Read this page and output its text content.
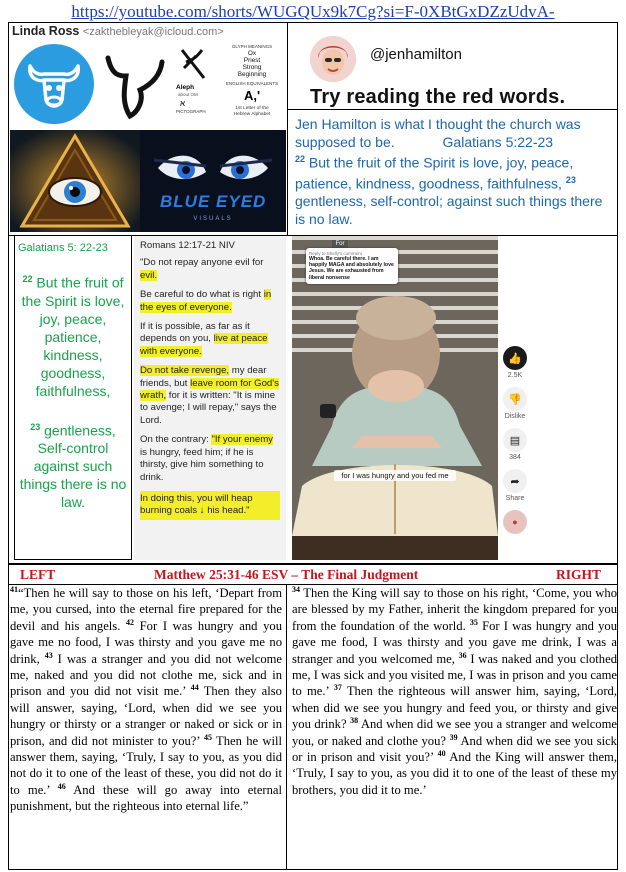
https://youtube.com/shorts/WUGQUx9k7Cg?si=F-0XBtGxDZzUdvA-
Linda Ross <zakthebleyak@icloud.com>
GLYPH MEANINGS
Ox
Priest
Strong
Beginning
Aleph
about OM
א
PICTOGRAPH
ENGLISH EQUIVALENTS
A,'
1st Letter of the Hebrew Alphabet
BLUE EYED
VISUALS
@jenhamilton
Try reading the red words.
Jen Hamilton is what I thought the church was supposed to be.	Galatians 5:22-23
$^{22}$ But the fruit of the Spirit is love, joy, peace, patience, kindness, goodness, faithfulness, $^{23}$ gentleness, self-control; against such things there is no law.
Galatians 5: 22-23
$^{22}$ But the fruit of the Spirit is love, joy, peace, patience, kindness, goodness, faithfulness,

$^{23}$ gentleness, Self-control against such things there is no law.

Romans 12:17-21 NIV

"Do not repay anyone evil for evil.

Be careful to do what is right in the eyes of everyone.

If it is possible, as far as it depends on you, live at peace with everyone.

Do not take revenge, my dear friends, but leave room for God's wrath, for it is written: "It is mine to avenge; I will repay," says the Lord.

On the contrary: "If your enemy is hungry, feed him; if he is thirsty, give him something to drink.

In doing this, you will heap burning coals ↓ his head."

For
Reply to Shelly's comment
Whoa. Be careful there. I am happily MAGA and absolutely love Jesus. We are exhausted from liberal nonsense
for I was hungry and you fed me
👍
2.5K
👎
Dislike
▤
384
➦
Share
●
LEFT	Matthew 25:31-46 ESV – The Final Judgment	RIGHT
$^{41}$“Then he will say to those on his left, ‘Depart from me, you cursed, into the eternal fire prepared for the devil and his angels. $^{42}$ For I was hungry and you gave me no food, I was thirsty and you gave me no drink, $^{43}$ I was a stranger and you did not welcome me, naked and you did not clothe me, sick and in prison and you did not visit me.’ $^{44}$ Then they also will answer, saying, ‘Lord, when did we see you hungry or thirsty or a stranger or naked or sick or in prison, and did not minister to you?’ $^{45}$ Then he will answer them, saying, ‘Truly, I say to you, as you did not do it to one of the least of these, you did not do it to me.’ $^{46}$ And these will go away into eternal punishment, but the righteous into eternal life.”
$^{34}$ Then the King will say to those on his right, ‘Come, you who are blessed by my Father, inherit the kingdom prepared for you from the foundation of the world. $^{35}$ For I was hungry and you gave me food, I was thirsty and you gave me drink, I was a stranger and you welcomed me, $^{36}$ I was naked and you clothed me, I was sick and you visited me, I was in prison and you came to me.’ $^{37}$ Then the righteous will answer him, saying, ‘Lord, when did we see you hungry and feed you, or thirsty and give you drink? $^{38}$ And when did we see you a stranger and welcome you, or naked and clothe you? $^{39}$ And when did we see you sick or in prison and visit you?’ $^{40}$ And the King will answer them, ‘Truly, I say to you, as you did it to one of the least of these my brothers, you did it to me.’
